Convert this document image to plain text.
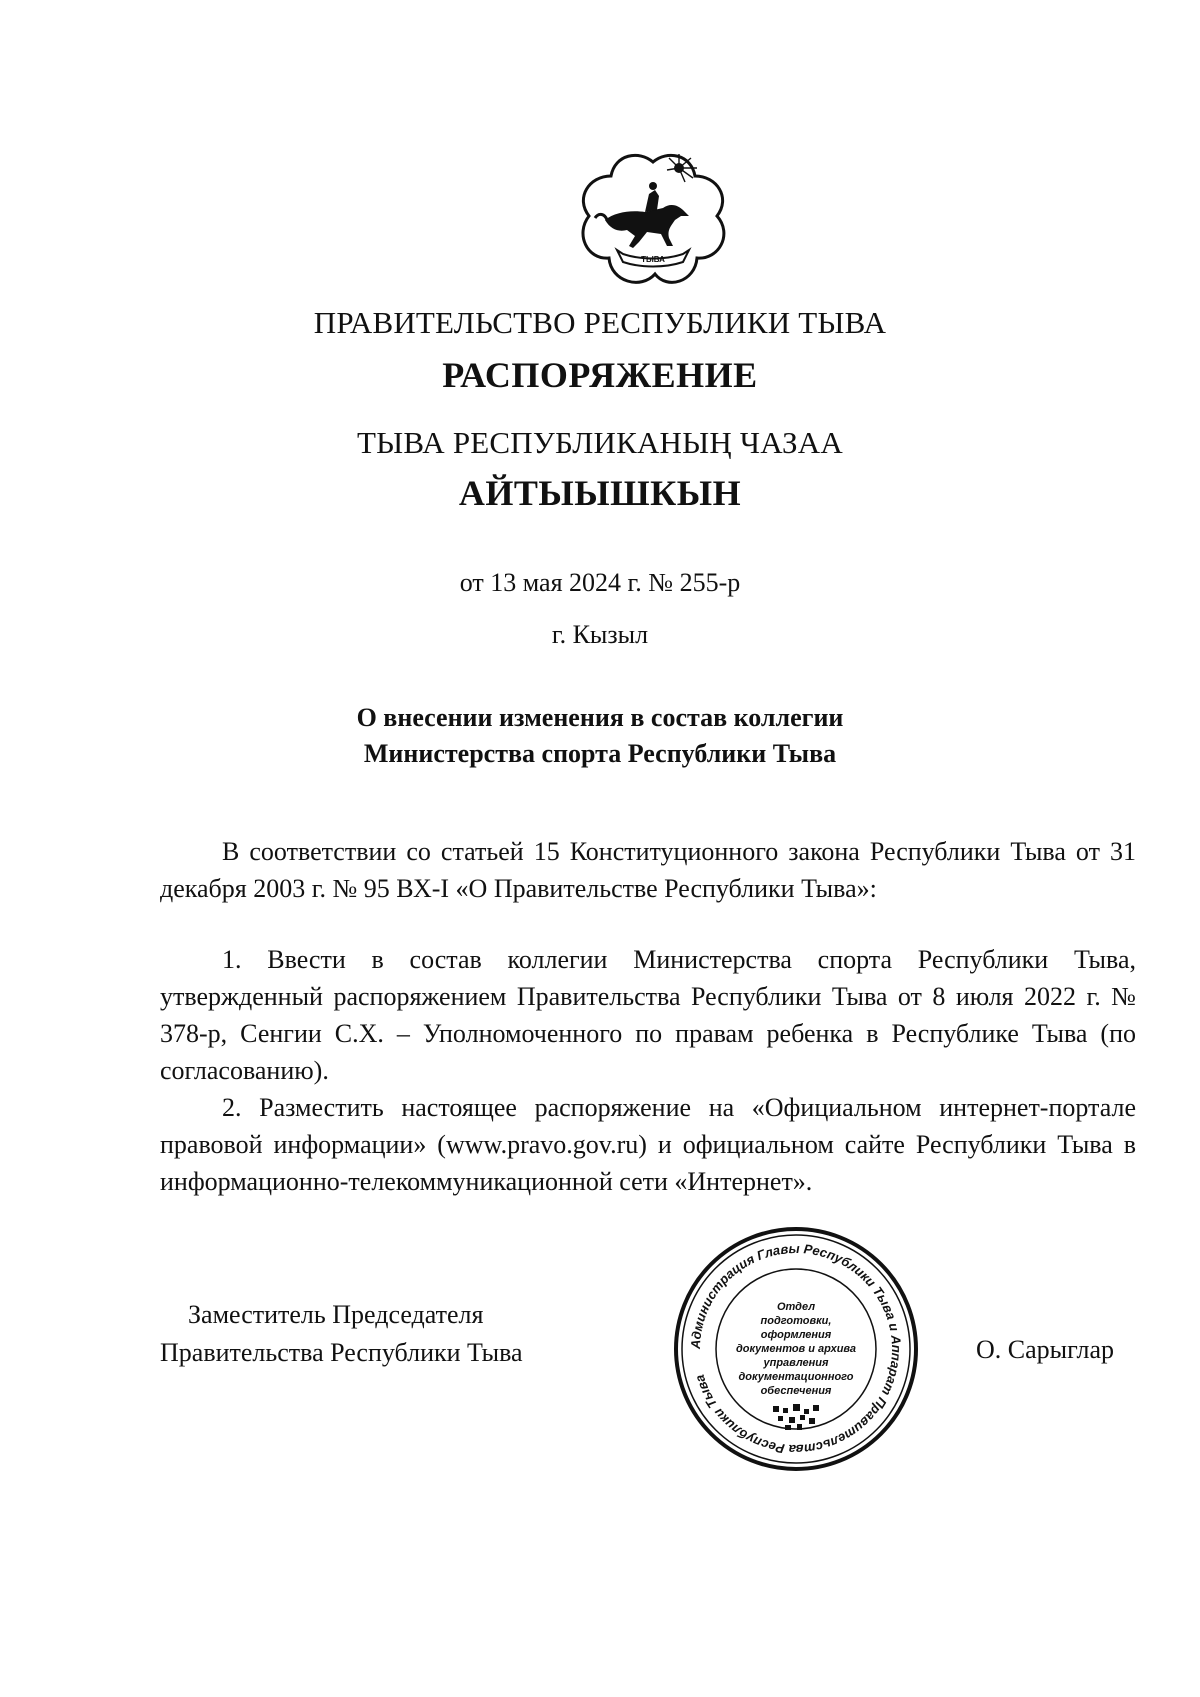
ТЫВА
ПРАВИТЕЛЬСТВО РЕСПУБЛИКИ ТЫВА
РАСПОРЯЖЕНИЕ
ТЫВА РЕСПУБЛИКАНЫҢ ЧАЗАА
АЙТЫЫШКЫН
от 13 мая 2024 г. № 255-р
г. Кызыл
О внесении изменения в состав коллегии
Министерства спорта Республики Тыва

В соответствии со статьей 15 Конституционного закона Республики Тыва от 31 декабря 2003 г. № 95 ВХ-I «О Правительстве Республики Тыва»:

1. Ввести в состав коллегии Министерства спорта Республики Тыва, утвержденный распоряжением Правительства Республики Тыва от 8 июля 2022 г. № 378-р, Сенгии С.Х. – Уполномоченного по правам ребенка в Республике Тыва (по согласованию).

2. Разместить настоящее распоряжение на «Официальном интернет-портале правовой информации» (www.pravo.gov.ru) и официальном сайте Республики Тыва в информационно-телекоммуникационной сети «Интернет».

Заместитель Председателя
Правительства Республики Тыва	Администрация Главы Республики Тыва и Аппарат Правительства Республики Тыва
Отдел
подготовки,
оформления
документов и архива
управления
документационного
обеспечения
О. Сарыглар
